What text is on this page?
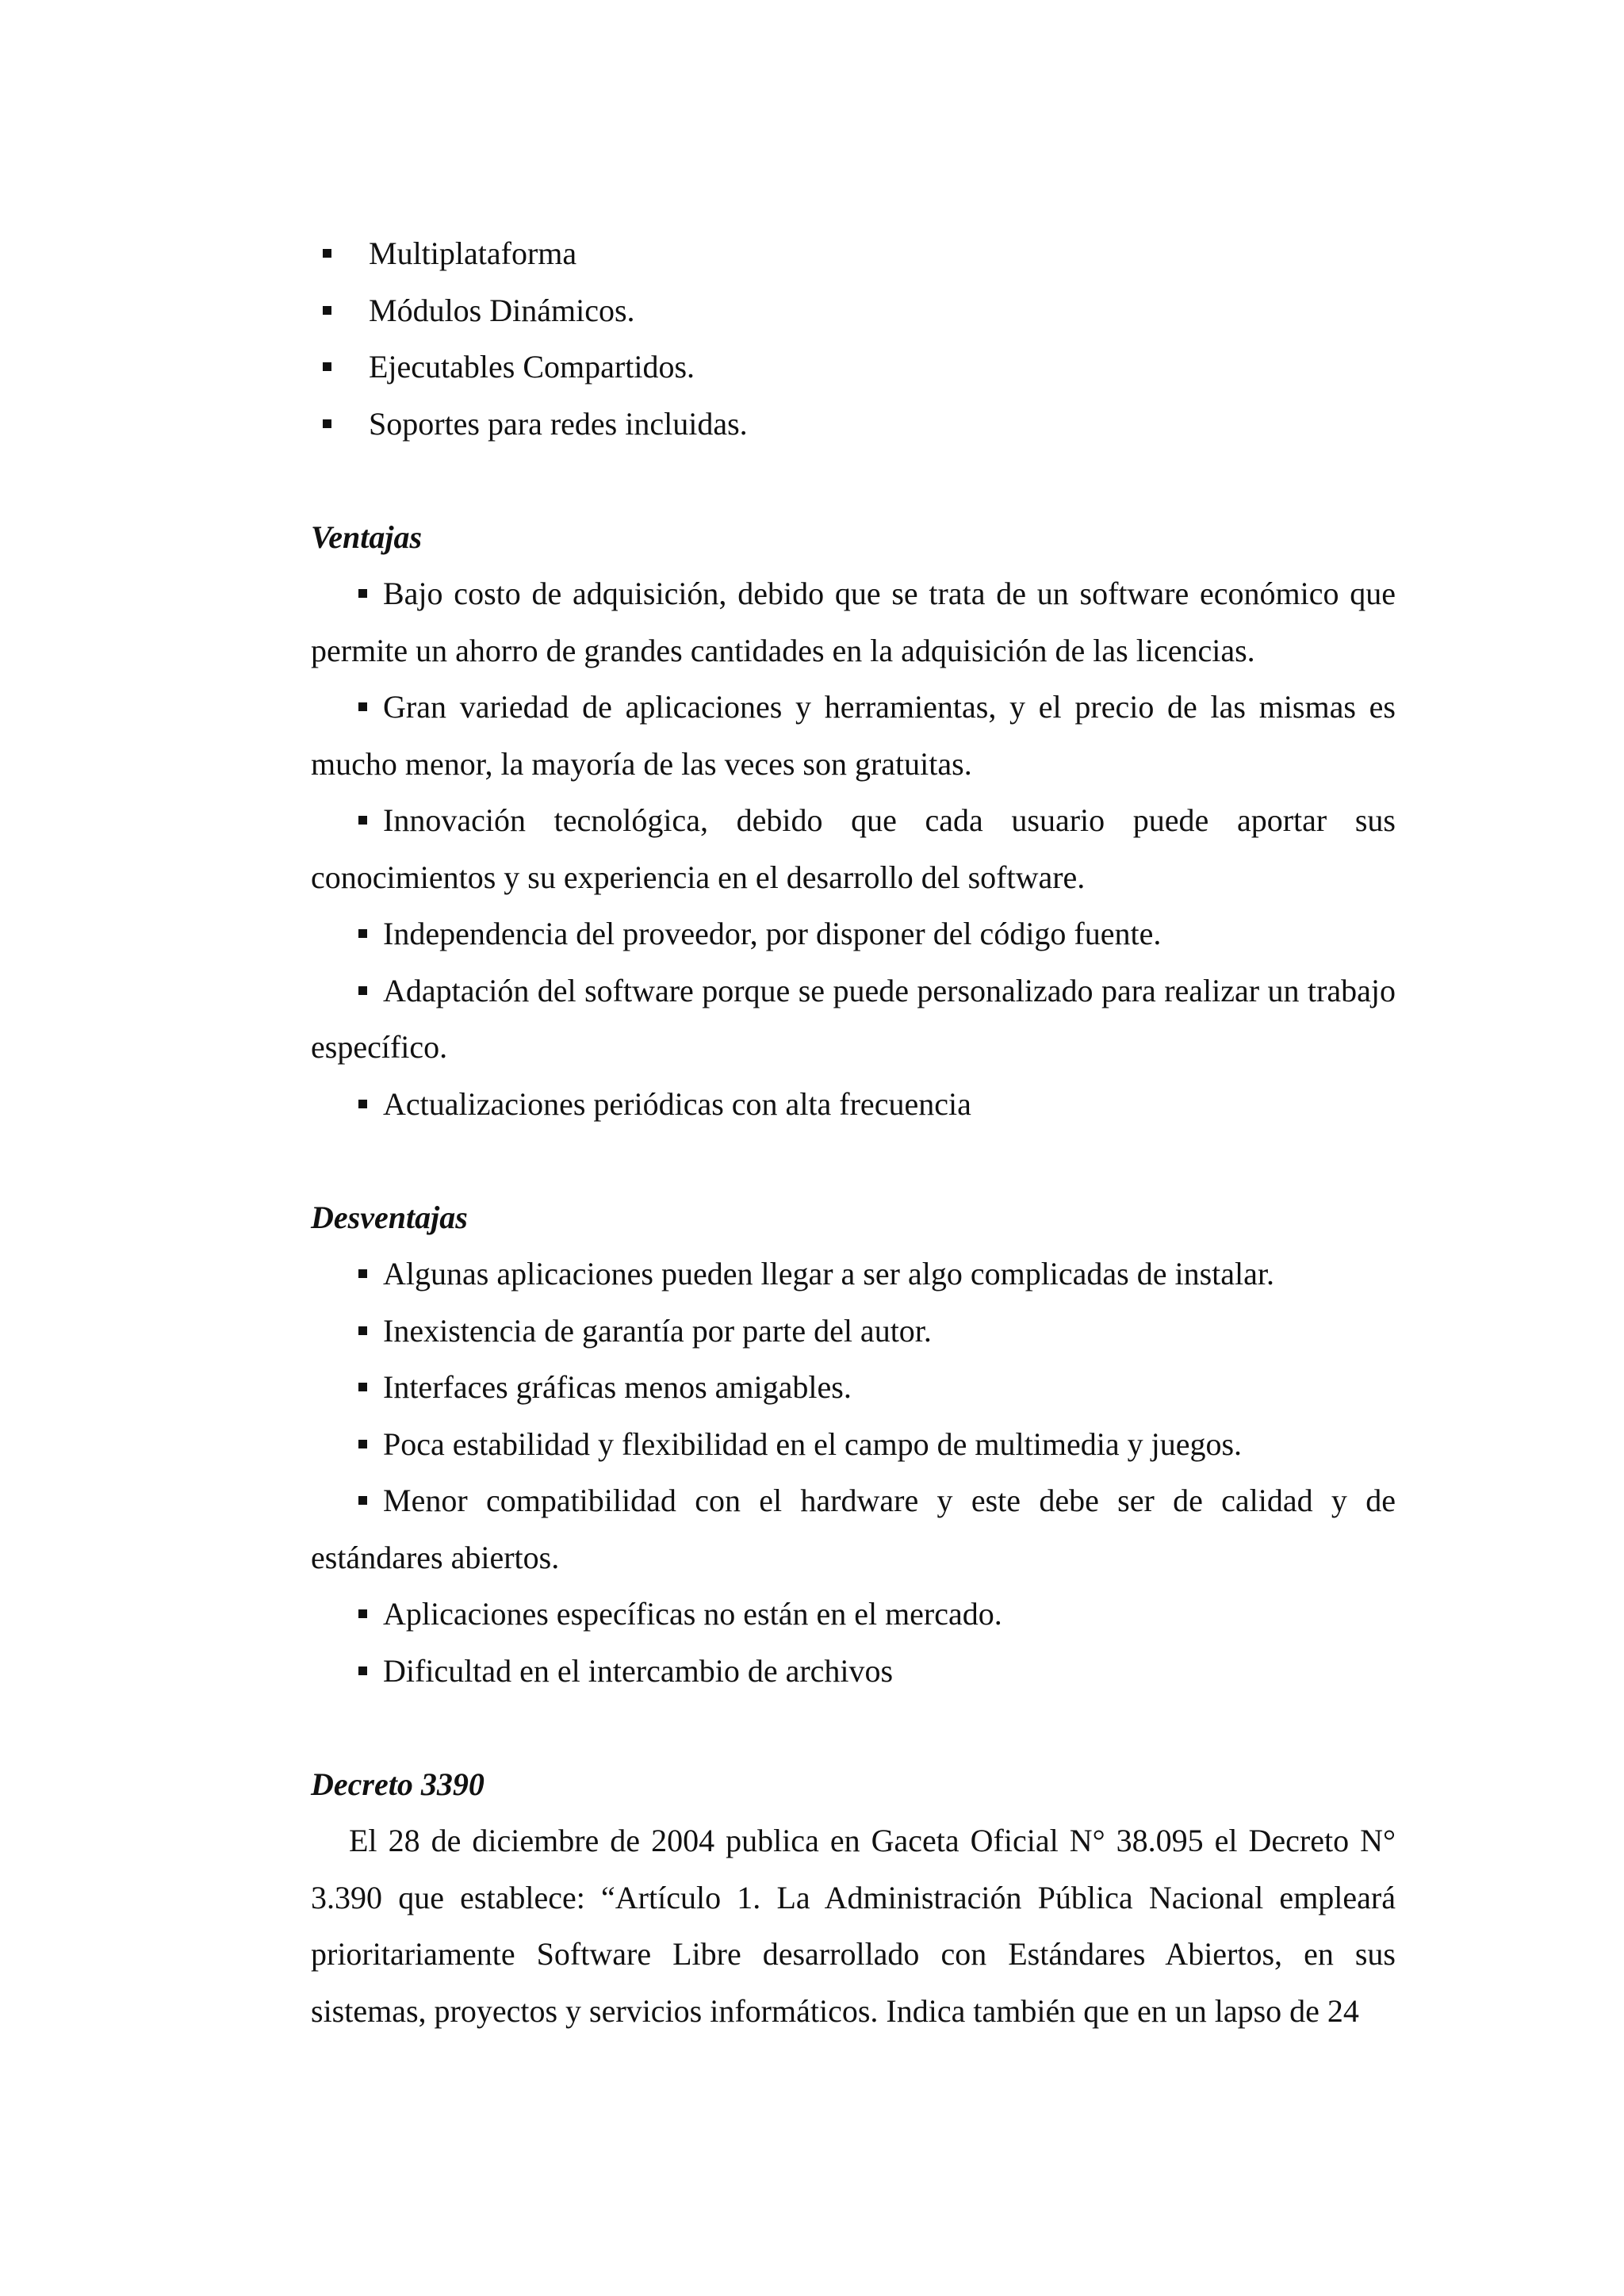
Multiplataforma
Módulos Dinámicos.
Ejecutables Compartidos.
Soportes para redes incluidas.

Ventajas

Bajo costo de adquisición, debido que se trata de un software económico que permite un ahorro de grandes cantidades en la adquisición de las licencias.

Gran variedad de aplicaciones y herramientas, y el precio de las mismas es mucho menor, la mayoría de las veces son gratuitas.

Innovación tecnológica, debido que cada usuario puede aportar sus conocimientos y su experiencia en el desarrollo del software.

Independencia del proveedor, por disponer del código fuente.

Adaptación del software porque se puede personalizado para realizar un trabajo específico.

Actualizaciones periódicas con alta frecuencia

Desventajas

Algunas aplicaciones pueden llegar a ser algo complicadas de instalar.

Inexistencia de garantía por parte del autor.

Interfaces gráficas menos amigables.

Poca estabilidad y flexibilidad en el campo de multimedia y juegos.

Menor compatibilidad con el hardware y este debe ser de calidad y de estándares abiertos.

Aplicaciones específicas no están en el mercado.

Dificultad en el intercambio de archivos

Decreto 3390

El 28 de diciembre de 2004 publica en Gaceta Oficial N° 38.095 el Decreto N° 3.390 que establece: “Artículo 1. La Administración Pública Nacional empleará prioritariamente Software Libre desarrollado con Estándares Abiertos, en sus sistemas, proyectos y servicios informáticos. Indica también que en un lapso de 24
